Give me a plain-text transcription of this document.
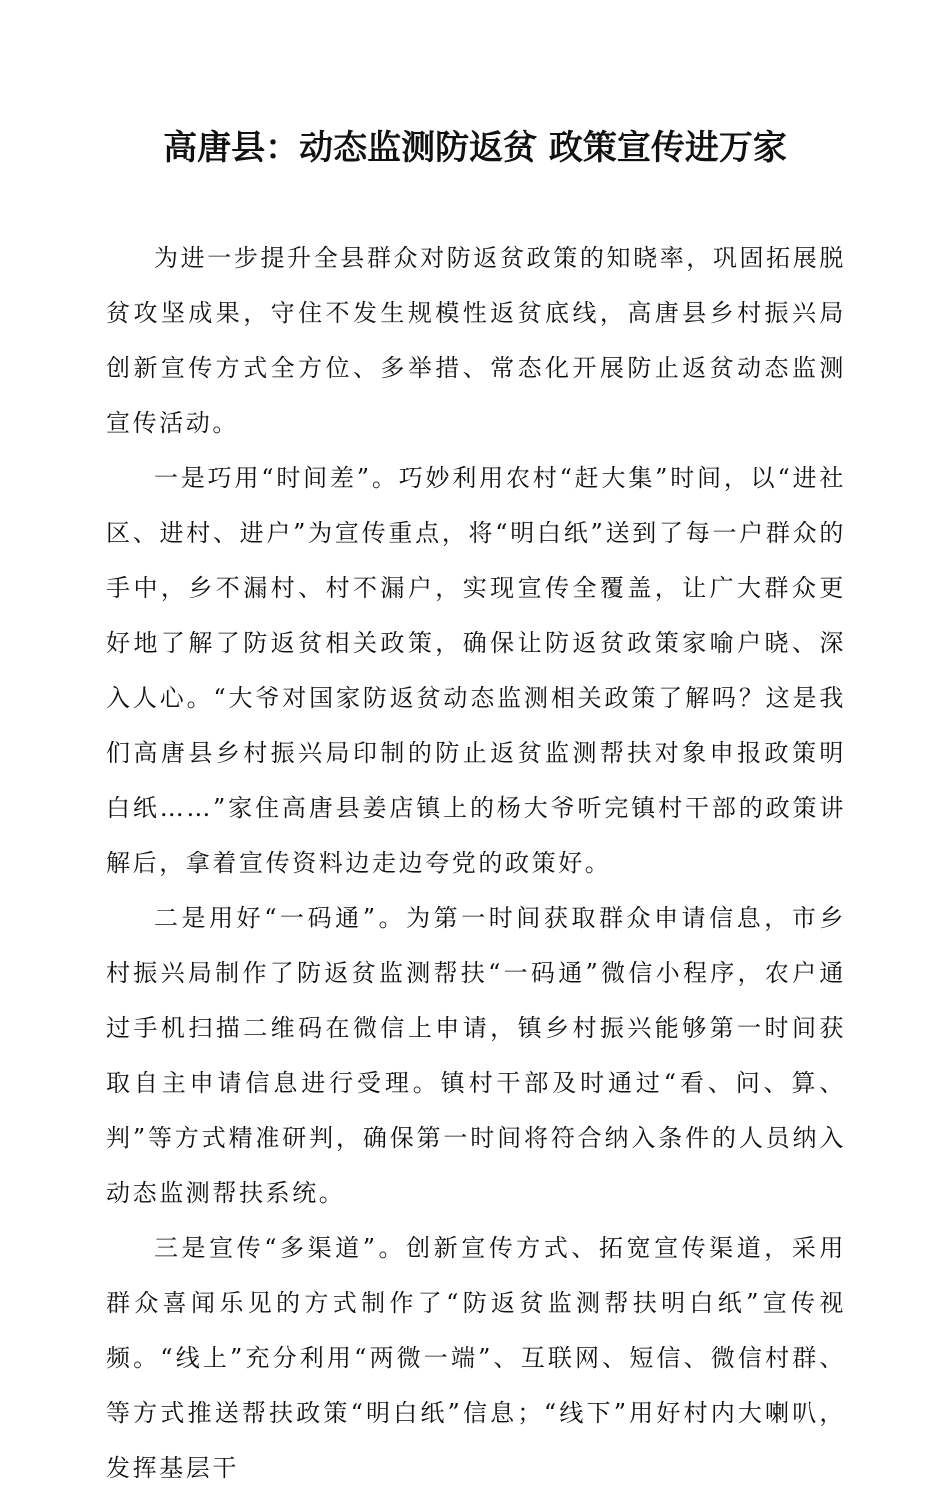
高唐县：动态监测防返贫 政策宣传进万家

为进一步提升全县群众对防返贫政策的知晓率，巩固拓展脱贫攻坚成果，守住不发生规模性返贫底线，高唐县乡村振兴局创新宣传方式全方位、多举措、常态化开展防止返贫动态监测宣传活动。

一是巧用“时间差”。巧妙利用农村“赶大集”时间，以“进社区、进村、进户”为宣传重点，将“明白纸”送到了每一户群众的手中，乡不漏村、村不漏户，实现宣传全覆盖，让广大群众更好地了解了防返贫相关政策，确保让防返贫政策家喻户晓、深入人心。“大爷对国家防返贫动态监测相关政策了解吗？这是我们高唐县乡村振兴局印制的防止返贫监测帮扶对象申报政策明白纸……”家住高唐县姜店镇上的杨大爷听完镇村干部的政策讲解后，拿着宣传资料边走边夸党的政策好。

二是用好“一码通”。为第一时间获取群众申请信息，市乡村振兴局制作了防返贫监测帮扶“一码通”微信小程序，农户通过手机扫描二维码在微信上申请，镇乡村振兴能够第一时间获取自主申请信息进行受理。镇村干部及时通过“看、问、算、判”等方式精准研判，确保第一时间将符合纳入条件的人员纳入动态监测帮扶系统。

三是宣传“多渠道”。创新宣传方式、拓宽宣传渠道，采用群众喜闻乐见的方式制作了“防返贫监测帮扶明白纸”宣传视频。“线上”充分利用“两微一端”、互联网、短信、微信村群、等方式推送帮扶政策“明白纸”信息；“线下”用好村内大喇叭，发挥基层干
